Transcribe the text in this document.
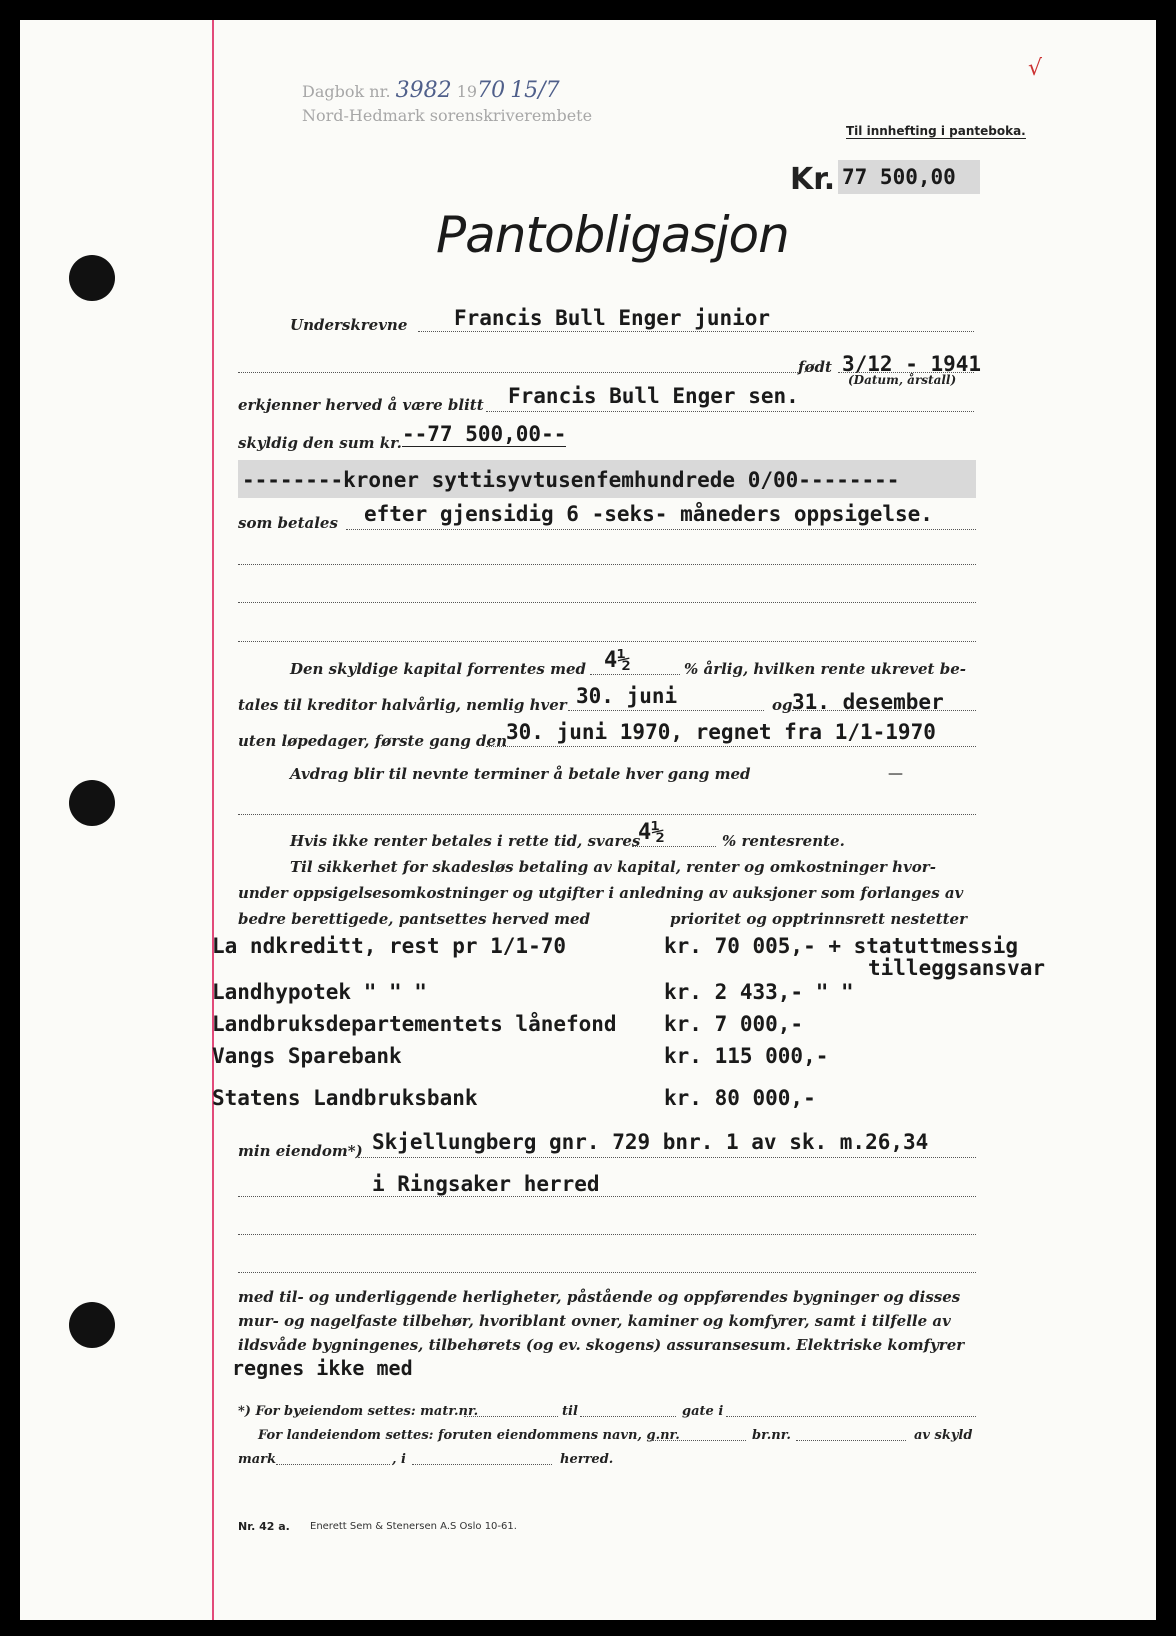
Dagbok nr. 3982 1970 15/7
Nord-Hedmark sorenskriverembete
√
Til innhefting i panteboka.
Kr. 77 500,00
Pantobligasjon
Underskrevne Francis Bull Enger junior
født 3/12 - 1941
(Datum, årstall)
erkjenner herved å være blitt Francis Bull Enger sen.
skyldig den sum kr. --77 500,00--
--------kroner syttisyvtusenfemhundrede 0/00--------
som betales efter gjensidig 6 -seks- måneders oppsigelse.
Den skyldige kapital forrentes med 4½	% årlig, hvilken rente ukrevet be-
tales til kreditor halvårlig, nemlig hver 30. juni	og 31. desember
uten løpedager, første gang den 30. juni 1970, regnet fra 1/1-1970
Avdrag blir til nevnte terminer å betale hver gang med	—
Hvis ikke renter betales i rette tid, svares
4½	% rentesrente.
Til sikkerhet for skadesløs betaling av kapital, renter og omkostninger hvor-
under oppsigelsesomkostninger og utgifter i anledning av auksjoner som forlanges av
bedre berettigede, pantsettes herved med	prioritet og opptrinnsrett nestetter
La ndkreditt, rest pr 1/1-70	kr. 70 005,- + statuttmessig
tilleggsansvar
Landhypotek " " "	kr. 2 433,- " "
Landbruksdepartementets lånefond kr. 7 000,-
Vangs Sparebank	kr. 115 000,-
Statens Landbruksbank	kr. 80 000,-
min eiendom*) Skjellungberg gnr. 729 bnr. 1 av sk. m.26,34
i Ringsaker herred
med til- og underliggende herligheter, påstående og oppførendes bygninger og disses
mur- og nagelfaste tilbehør, hvoriblant ovner, kaminer og komfyrer, samt i tilfelle av
ildsvåde bygningenes, tilbehørets (og ev. skogens) assuransesum. Elektriske komfyrer
regnes ikke med
*) For byeiendom settes: matr.nr.	til	gate i
For landeiendom settes: foruten eiendommens navn, g.nr.	br.nr.	av skyld
mark	, i	herred.
Nr. 42 a. Enerett Sem & Stenersen A.S Oslo 10-61.
